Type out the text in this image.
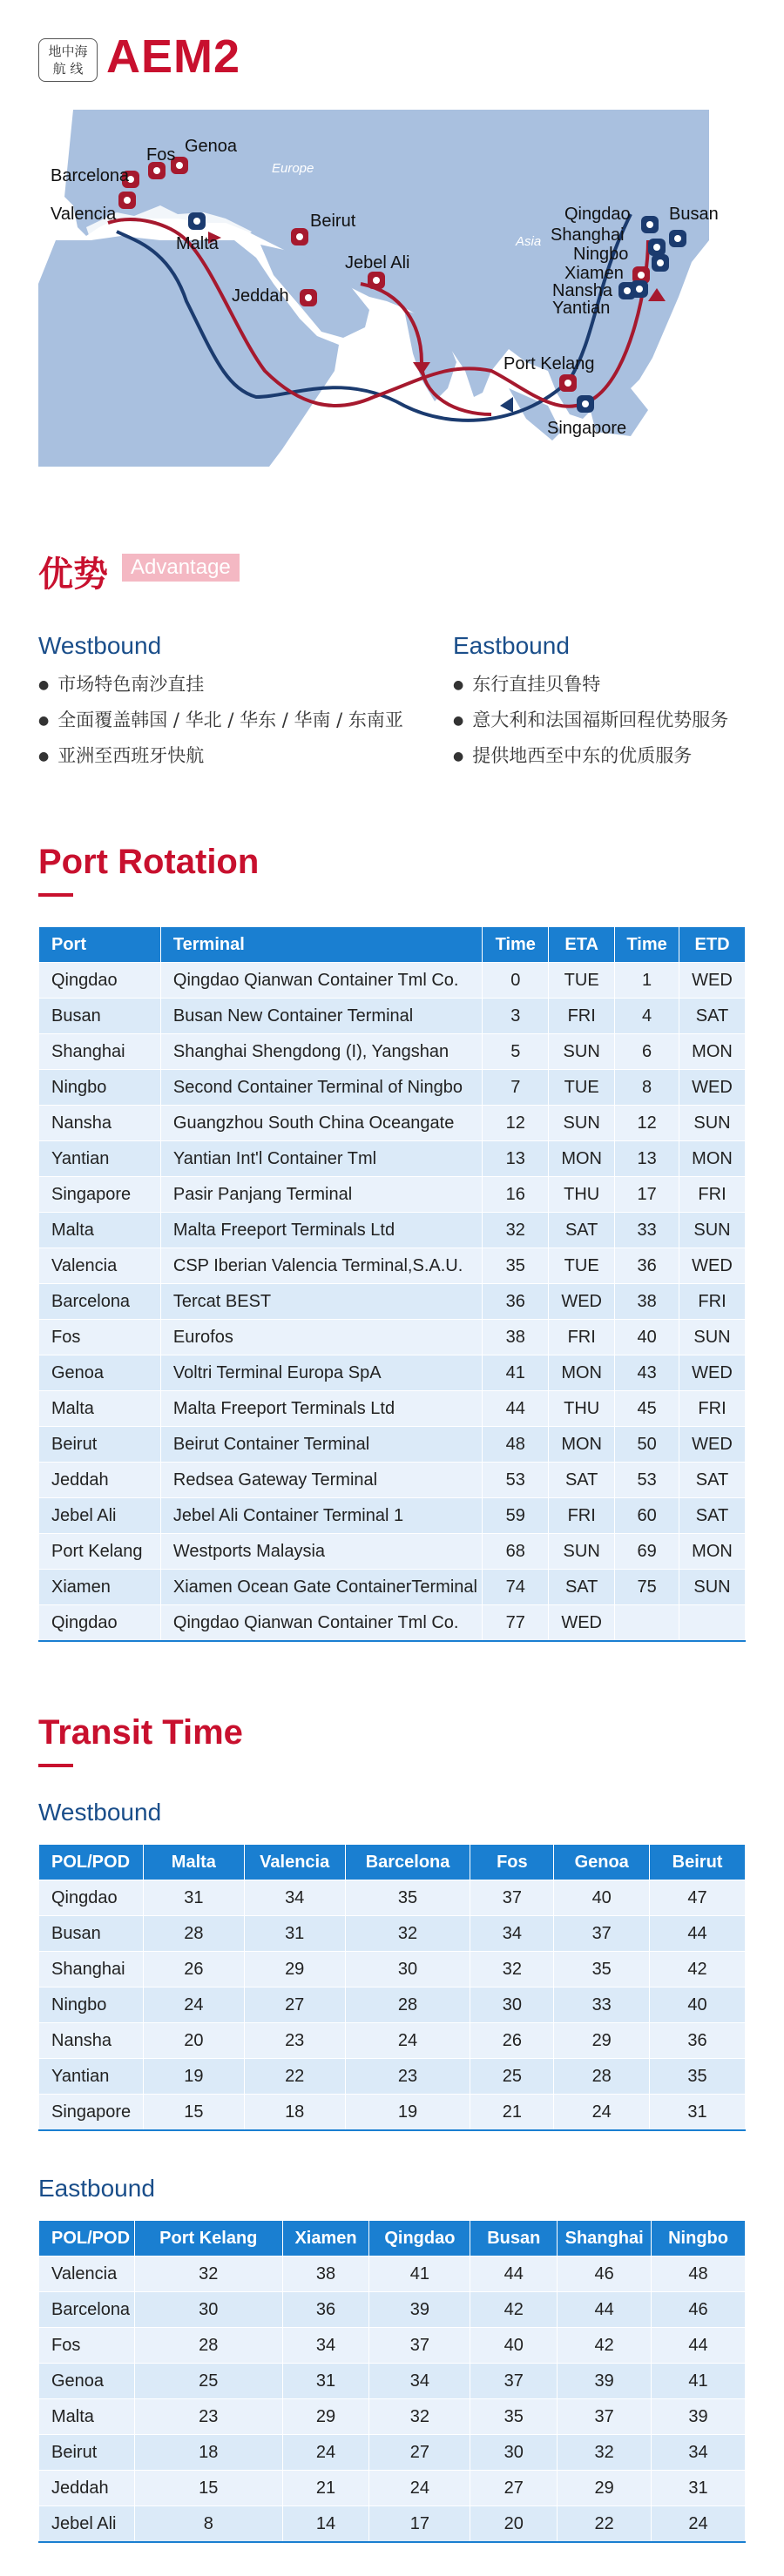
地中海
航 线 AEM2
Europe
Asia
Indian Ocean
Barcelona
Fos Genoa
Valencia
Malta
Beirut
Jebel Ali
Jeddah
Qingdao Busan
Shanghai
Ningbo
Xiamen
Nansha
Yantian
Port Kelang
Singapore
优势	Advantage
Westbound
● 市场特色南沙直挂
● 全面覆盖韩国 / 华北 / 华东 / 华南 / 东南亚
● 亚洲至西班牙快航
Eastbound
● 东行直挂贝鲁特
● 意大利和法国福斯回程优势服务
● 提供地西至中东的优质服务
Port Rotation
Port	Terminal	Time	ETA	Time	ETD
Qingdao	Qingdao Qianwan Container Tml Co.	0	TUE	1	WED
Busan	Busan New Container Terminal	3	FRI	4	SAT
Shanghai	Shanghai Shengdong (I), Yangshan	5	SUN	6	MON
Ningbo	Second Container Terminal of Ningbo	7	TUE	8	WED
Nansha	Guangzhou South China Oceangate	12	SUN	12	SUN
Yantian	Yantian Int'l Container Tml	13	MON	13	MON
Singapore	Pasir Panjang Terminal	16	THU	17	FRI
Malta	Malta Freeport Terminals Ltd	32	SAT	33	SUN
Valencia	CSP Iberian Valencia Terminal,S.A.U.	35	TUE	36	WED
Barcelona	Tercat BEST	36	WED	38	FRI
Fos	Eurofos	38	FRI	40	SUN
Genoa	Voltri Terminal Europa SpA	41	MON	43	WED
Malta	Malta Freeport Terminals Ltd	44	THU	45	FRI
Beirut	Beirut Container Terminal	48	MON	50	WED
Jeddah	Redsea Gateway Terminal	53	SAT	53	SAT
Jebel Ali	Jebel Ali Container Terminal 1	59	FRI	60	SAT
Port Kelang	Westports Malaysia	68	SUN	69	MON
Xiamen	Xiamen Ocean Gate ContainerTerminal	74	SAT	75	SUN
Qingdao	Qingdao Qianwan Container Tml Co.	77	WED		
Transit Time
Westbound
POL/POD	Malta	Valencia	Barcelona	Fos	Genoa	Beirut
Qingdao	31	34	35	37	40	47
Busan	28	31	32	34	37	44
Shanghai	26	29	30	32	35	42
Ningbo	24	27	28	30	33	40
Nansha	20	23	24	26	29	36
Yantian	19	22	23	25	28	35
Singapore	15	18	19	21	24	31
Eastbound
POL/POD	Port Kelang	Xiamen	Qingdao	Busan	Shanghai	Ningbo
Valencia	32	38	41	44	46	48
Barcelona	30	36	39	42	44	46
Fos	28	34	37	40	42	44
Genoa	25	31	34	37	39	41
Malta	23	29	32	35	37	39
Beirut	18	24	27	30	32	34
Jeddah	15	21	24	27	29	31
Jebel Ali	8	14	17	20	22	24
